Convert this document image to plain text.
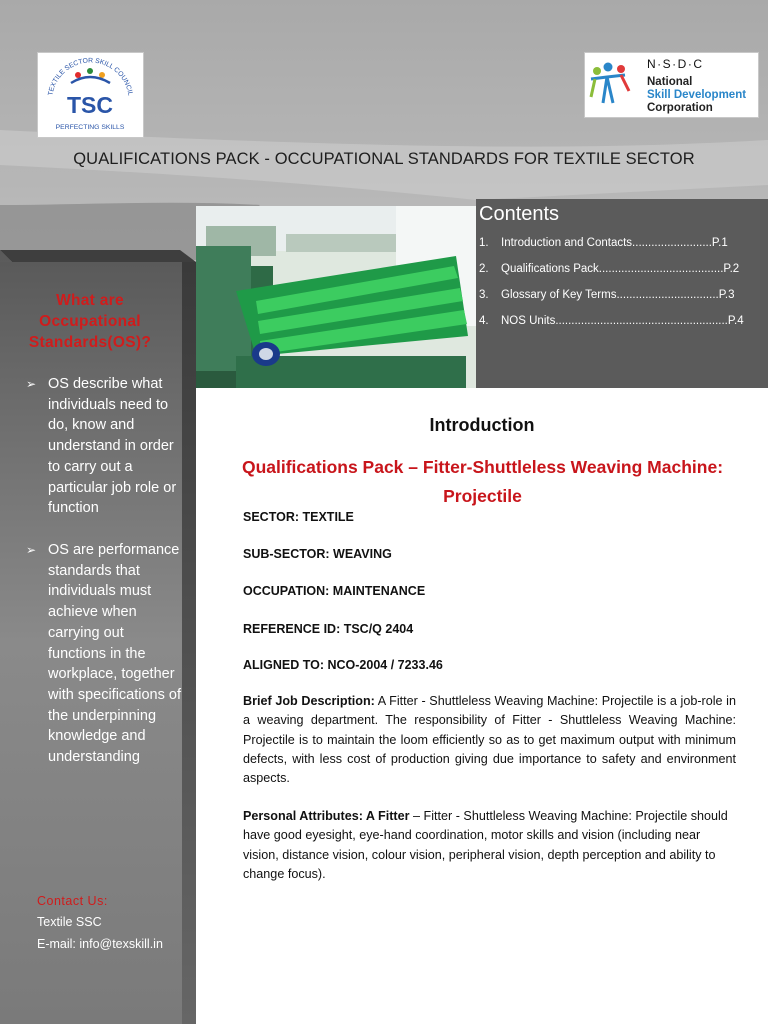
TEXTILE SECTOR SKILL COUNCIL
TSC
PERFECTING SKILLS
N·S·D·C
National
Skill Development
Corporation
QUALIFICATIONS PACK - OCCUPATIONAL STANDARDS FOR TEXTILE SECTOR
Contents
1. Introduction and Contacts.........................P.1
2. Qualifications Pack.......................................P.2
3. Glossary of Key Terms................................P.3
4. NOS Units......................................................P.4
What are
Occupational
Standards(OS)?
➢ OS describe what individuals need to do, know and understand in order to carry out a particular job role or function
➢ OS are performance standards that individuals must achieve when carrying out functions in the workplace, together with specifications of the underpinning knowledge and understanding
Contact Us:
Textile SSC
E-mail: info@texskill.in
Introduction
Qualifications Pack – Fitter-Shuttleless Weaving Machine:
Projectile
SECTOR: TEXTILE
SUB-SECTOR: WEAVING
OCCUPATION: MAINTENANCE
REFERENCE ID: TSC/Q 2404
ALIGNED TO: NCO-2004 / 7233.46
Brief Job Description: A Fitter - Shuttleless Weaving Machine: Projectile is a job-role in a weaving department. The responsibility of Fitter - Shuttleless Weaving Machine: Projectile is to maintain the loom efficiently so as to get maximum output with minimum defects, with less cost of production giving due importance to safety and environment aspects.
Personal Attributes: A Fitter – Fitter - Shuttleless Weaving Machine: Projectile should have good eyesight, eye-hand coordination, motor skills and vision (including near vision, distance vision, colour vision, peripheral vision, depth perception and ability to change focus).
